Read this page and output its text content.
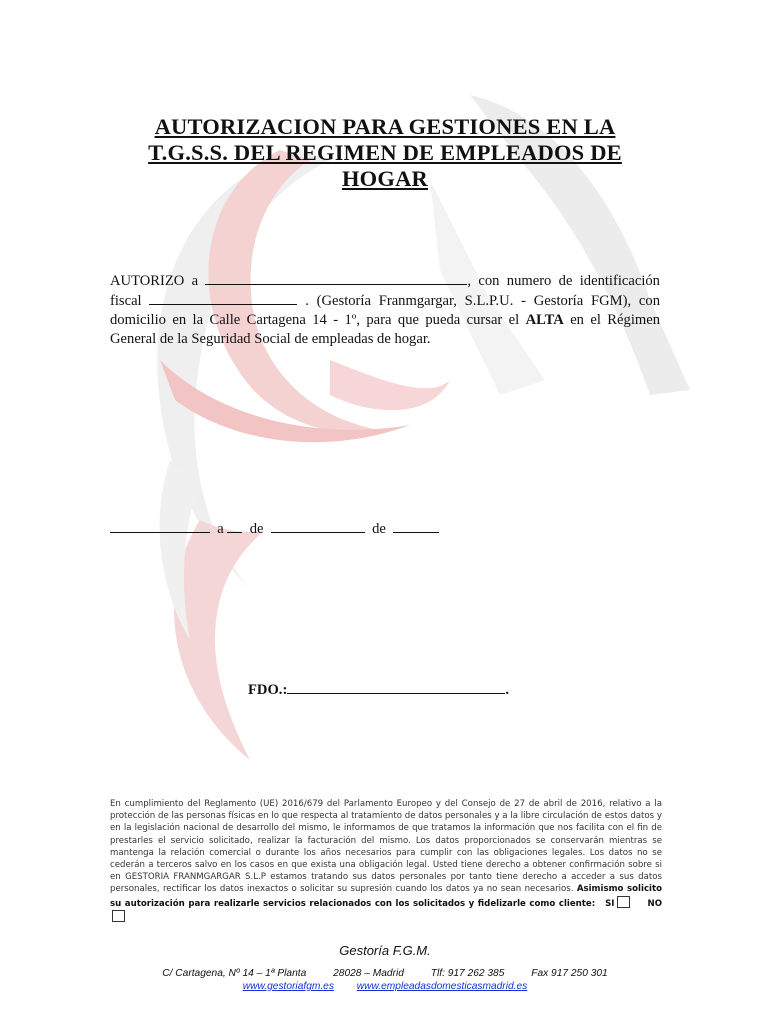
AUTORIZACION PARA GESTIONES EN LA
T.G.S.S. DEL REGIMEN DE EMPLEADOS DE
HOGAR
AUTORIZO a	, con numero de identificación
fiscal	. (Gestoría Franmgargar, S.L.P.U. - Gestoría FGM), con
domicilio en la Calle Cartagena 14 - 1º, para que pueda cursar el ALTA en el Régimen
General de la Seguridad Social de empleadas de hogar.
a de	de
FDO.:	.
En cumplimiento del Reglamento (UE) 2016/679 del Parlamento Europeo y del Consejo de 27 de abril de 2016, relativo a la protección de las personas físicas en lo que respecta al tratamiento de datos personales y a la libre circulación de estos datos y en la legislación nacional de desarrollo del mismo, le informamos de que tratamos la información que nos facilita con el fin de prestarles el servicio solicitado, realizar la facturación del mismo. Los datos proporcionados se conservarán mientras se mantenga la relación comercial o durante los años necesarios para cumplir con las obligaciones legales. Los datos no se cederán a terceros salvo en los casos en que exista una obligación legal. Usted tiene derecho a obtener confirmación sobre si en GESTORIA FRANMGARGAR S.L.P estamos tratando sus datos personales por tanto tiene derecho a acceder a sus datos personales, rectificar los datos inexactos o solicitar su supresión cuando los datos ya no sean necesarios. Asimismo solicito su autorización para realizarle servicios relacionados con los solicitados y fidelizarle como cliente: SI	NO
Gestoría F.G.M.
C/ Cartagena, Nº 14 – 1ª Planta	28028 – Madrid	Tlf: 917 262 385	Fax 917 250 301
www.gestoriafgm.es www.empleadasdomesticasmadrid.es
